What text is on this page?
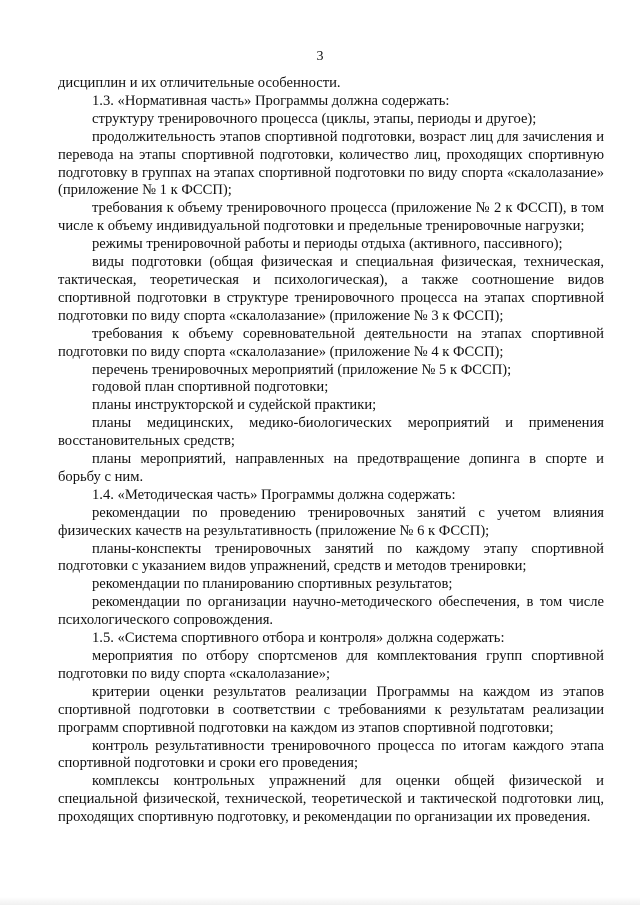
3

дисциплин и их отличительные особенности.

1.3. «Нормативная часть» Программы должна содержать:

структуру тренировочного процесса (циклы, этапы, периоды и другое);

продолжительность этапов спортивной подготовки, возраст лиц для зачисления и перевода на этапы спортивной подготовки, количество лиц, проходящих спортивную подготовку в группах на этапах спортивной подготовки по виду спорта «скалолазание» (приложение № 1 к ФССП);

требования к объему тренировочного процесса (приложение № 2 к ФССП), в том числе к объему индивидуальной подготовки и предельные тренировочные нагрузки;

режимы тренировочной работы и периоды отдыха (активного, пассивного);

виды подготовки (общая физическая и специальная физическая, техническая, тактическая, теоретическая и психологическая), а также соотношение видов спортивной подготовки в структуре тренировочного процесса на этапах спортивной подготовки по виду спорта «скалолазание» (приложение № 3 к ФССП);

требования к объему соревновательной деятельности на этапах спортивной подготовки по виду спорта «скалолазание» (приложение № 4 к ФССП);

перечень тренировочных мероприятий (приложение № 5 к ФССП);

годовой план спортивной подготовки;

планы инструкторской и судейской практики;

планы медицинских, медико-биологических мероприятий и применения восстановительных средств;

планы мероприятий, направленных на предотвращение допинга в спорте и борьбу с ним.

1.4. «Методическая часть» Программы должна содержать:

рекомендации по проведению тренировочных занятий с учетом влияния физических качеств на результативность (приложение № 6 к ФССП);

планы-конспекты тренировочных занятий по каждому этапу спортивной подготовки с указанием видов упражнений, средств и методов тренировки;

рекомендации по планированию спортивных результатов;

рекомендации по организации научно-методического обеспечения, в том числе психологического сопровождения.

1.5. «Система спортивного отбора и контроля» должна содержать:

мероприятия по отбору спортсменов для комплектования групп спортивной подготовки по виду спорта «скалолазание»;

критерии оценки результатов реализации Программы на каждом из этапов спортивной подготовки в соответствии с требованиями к результатам реализации программ спортивной подготовки на каждом из этапов спортивной подготовки;

контроль результативности тренировочного процесса по итогам каждого этапа спортивной подготовки и сроки его проведения;

комплексы контрольных упражнений для оценки общей физической и специальной физической, технической, теоретической и тактической подготовки лиц, проходящих спортивную подготовку, и рекомендации по организации их проведения.
